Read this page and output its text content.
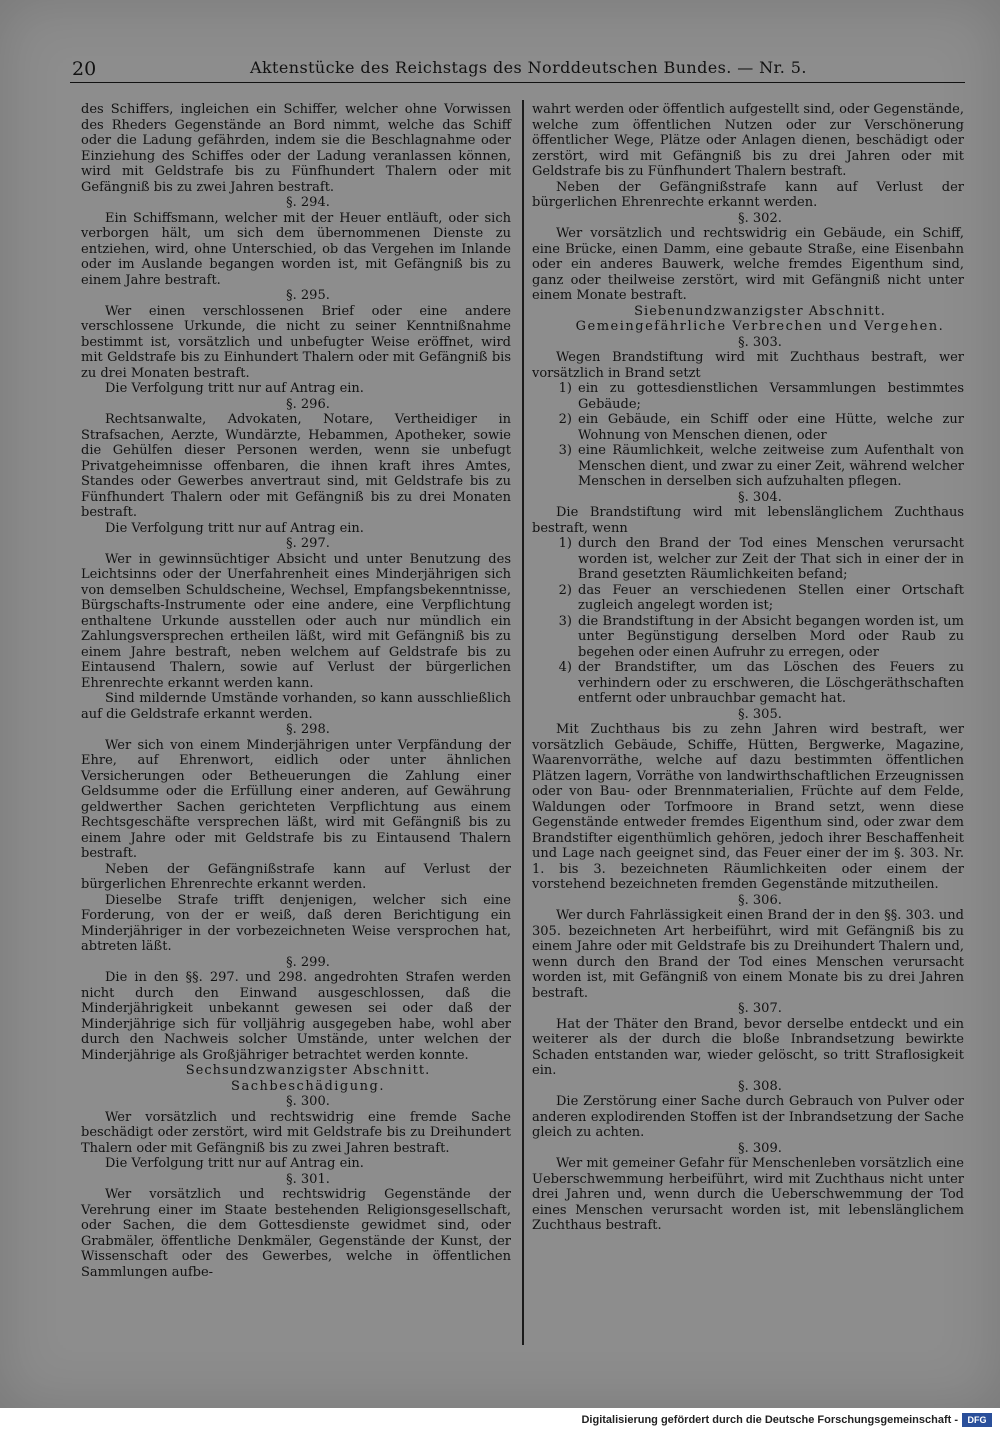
20	Aktenstücke des Reichstags des Norddeutschen Bundes. — Nr. 5.

des Schiffers, ingleichen ein Schiffer, welcher ohne Vorwissen des Rheders Gegenstände an Bord nimmt, welche das Schiff oder die Ladung gefährden, indem sie die Beschlagnahme oder Einziehung des Schiffes oder der Ladung veranlassen können, wird mit Geldstrafe bis zu Fünfhundert Thalern oder mit Gefängniß bis zu zwei Jahren bestraft.

§. 294.

Ein Schiffsmann, welcher mit der Heuer entläuft, oder sich verborgen hält, um sich dem übernommenen Dienste zu entziehen, wird, ohne Unterschied, ob das Vergehen im Inlande oder im Auslande begangen worden ist, mit Gefängniß bis zu einem Jahre bestraft.

§. 295.

Wer einen verschlossenen Brief oder eine andere verschlossene Urkunde, die nicht zu seiner Kenntnißnahme bestimmt ist, vorsätzlich und unbefugter Weise eröffnet, wird mit Geldstrafe bis zu Einhundert Thalern oder mit Gefängniß bis zu drei Monaten bestraft.

Die Verfolgung tritt nur auf Antrag ein.

§. 296.

Rechtsanwalte, Advokaten, Notare, Vertheidiger in Strafsachen, Aerzte, Wundärzte, Hebammen, Apotheker, sowie die Gehülfen dieser Personen werden, wenn sie unbefugt Privatgeheimnisse offenbaren, die ihnen kraft ihres Amtes, Standes oder Gewerbes anvertraut sind, mit Geldstrafe bis zu Fünfhundert Thalern oder mit Gefängniß bis zu drei Monaten bestraft.

Die Verfolgung tritt nur auf Antrag ein.

§. 297.

Wer in gewinnsüchtiger Absicht und unter Benutzung des Leichtsinns oder der Unerfahrenheit eines Minderjährigen sich von demselben Schuldscheine, Wechsel, Empfangsbekenntnisse, Bürgschafts-Instrumente oder eine andere, eine Verpflichtung enthaltene Urkunde ausstellen oder auch nur mündlich ein Zahlungsversprechen ertheilen läßt, wird mit Gefängniß bis zu einem Jahre bestraft, neben welchem auf Geldstrafe bis zu Eintausend Thalern, sowie auf Verlust der bürgerlichen Ehrenrechte erkannt werden kann.

Sind mildernde Umstände vorhanden, so kann ausschließlich auf die Geldstrafe erkannt werden.

§. 298.

Wer sich von einem Minderjährigen unter Verpfändung der Ehre, auf Ehrenwort, eidlich oder unter ähnlichen Versicherungen oder Betheuerungen die Zahlung einer Geldsumme oder die Erfüllung einer anderen, auf Gewährung geldwerther Sachen gerichteten Verpflichtung aus einem Rechtsgeschäfte versprechen läßt, wird mit Gefängniß bis zu einem Jahre oder mit Geldstrafe bis zu Eintausend Thalern bestraft.

Neben der Gefängnißstrafe kann auf Verlust der bürgerlichen Ehrenrechte erkannt werden.

Dieselbe Strafe trifft denjenigen, welcher sich eine Forderung, von der er weiß, daß deren Berichtigung ein Minderjähriger in der vorbezeichneten Weise versprochen hat, abtreten läßt.

§. 299.

Die in den §§. 297. und 298. angedrohten Strafen werden nicht durch den Einwand ausgeschlossen, daß die Minderjährigkeit unbekannt gewesen sei oder daß der Minderjährige sich für volljährig ausgegeben habe, wohl aber durch den Nachweis solcher Umstände, unter welchen der Minderjährige als Großjähriger betrachtet werden konnte.

Sechsundzwanzigster Abschnitt.

Sachbeschädigung.

§. 300.

Wer vorsätzlich und rechtswidrig eine fremde Sache beschädigt oder zerstört, wird mit Geldstrafe bis zu Dreihundert Thalern oder mit Gefängniß bis zu zwei Jahren bestraft.

Die Verfolgung tritt nur auf Antrag ein.

§. 301.

Wer vorsätzlich und rechtswidrig Gegenstände der Verehrung einer im Staate bestehenden Religionsgesellschaft, oder Sachen, die dem Gottesdienste gewidmet sind, oder Grabmäler, öffentliche Denkmäler, Gegenstände der Kunst, der Wissenschaft oder des Gewerbes, welche in öffentlichen Sammlungen aufbe-

wahrt werden oder öffentlich aufgestellt sind, oder Gegenstände, welche zum öffentlichen Nutzen oder zur Verschönerung öffentlicher Wege, Plätze oder Anlagen dienen, beschädigt oder zerstört, wird mit Gefängniß bis zu drei Jahren oder mit Geldstrafe bis zu Fünfhundert Thalern bestraft.

Neben der Gefängnißstrafe kann auf Verlust der bürgerlichen Ehrenrechte erkannt werden.

§. 302.

Wer vorsätzlich und rechtswidrig ein Gebäude, ein Schiff, eine Brücke, einen Damm, eine gebaute Straße, eine Eisenbahn oder ein anderes Bauwerk, welche fremdes Eigenthum sind, ganz oder theilweise zerstört, wird mit Gefängniß nicht unter einem Monate bestraft.

Siebenundzwanzigster Abschnitt.

Gemeingefährliche Verbrechen und Vergehen.

§. 303.

Wegen Brandstiftung wird mit Zuchthaus bestraft, wer vorsätzlich in Brand setzt

1) ein zu gottesdienstlichen Versammlungen bestimmtes Gebäude;
2) ein Gebäude, ein Schiff oder eine Hütte, welche zur Wohnung von Menschen dienen, oder
3) eine Räumlichkeit, welche zeitweise zum Aufenthalt von Menschen dient, und zwar zu einer Zeit, während welcher Menschen in derselben sich aufzuhalten pflegen.

§. 304.

Die Brandstiftung wird mit lebenslänglichem Zuchthaus bestraft, wenn

1) durch den Brand der Tod eines Menschen verursacht worden ist, welcher zur Zeit der That sich in einer der in Brand gesetzten Räumlichkeiten befand;
2) das Feuer an verschiedenen Stellen einer Ortschaft zugleich angelegt worden ist;
3) die Brandstiftung in der Absicht begangen worden ist, um unter Begünstigung derselben Mord oder Raub zu begehen oder einen Aufruhr zu erregen, oder
4) der Brandstifter, um das Löschen des Feuers zu verhindern oder zu erschweren, die Löschgeräthschaften entfernt oder unbrauchbar gemacht hat.

§. 305.

Mit Zuchthaus bis zu zehn Jahren wird bestraft, wer vorsätzlich Gebäude, Schiffe, Hütten, Bergwerke, Magazine, Waarenvorräthe, welche auf dazu bestimmten öffentlichen Plätzen lagern, Vorräthe von landwirthschaftlichen Erzeugnissen oder von Bau- oder Brennmaterialien, Früchte auf dem Felde, Waldungen oder Torfmoore in Brand setzt, wenn diese Gegenstände entweder fremdes Eigenthum sind, oder zwar dem Brandstifter eigenthümlich gehören, jedoch ihrer Beschaffenheit und Lage nach geeignet sind, das Feuer einer der im §. 303. Nr. 1. bis 3. bezeichneten Räumlichkeiten oder einem der vorstehend bezeichneten fremden Gegenstände mitzutheilen.

§. 306.

Wer durch Fahrlässigkeit einen Brand der in den §§. 303. und 305. bezeichneten Art herbeiführt, wird mit Gefängniß bis zu einem Jahre oder mit Geldstrafe bis zu Dreihundert Thalern und, wenn durch den Brand der Tod eines Menschen verursacht worden ist, mit Gefängniß von einem Monate bis zu drei Jahren bestraft.

§. 307.

Hat der Thäter den Brand, bevor derselbe entdeckt und ein weiterer als der durch die bloße Inbrandsetzung bewirkte Schaden entstanden war, wieder gelöscht, so tritt Straflosigkeit ein.

§. 308.

Die Zerstörung einer Sache durch Gebrauch von Pulver oder anderen explodirenden Stoffen ist der Inbrandsetzung der Sache gleich zu achten.

§. 309.

Wer mit gemeiner Gefahr für Menschenleben vorsätzlich eine Ueberschwemmung herbeiführt, wird mit Zuchthaus nicht unter drei Jahren und, wenn durch die Ueberschwemmung der Tod eines Menschen verursacht worden ist, mit lebenslänglichem Zuchthaus bestraft.

Digitalisierung gefördert durch die Deutsche Forschungsgemeinschaft -	DFG
